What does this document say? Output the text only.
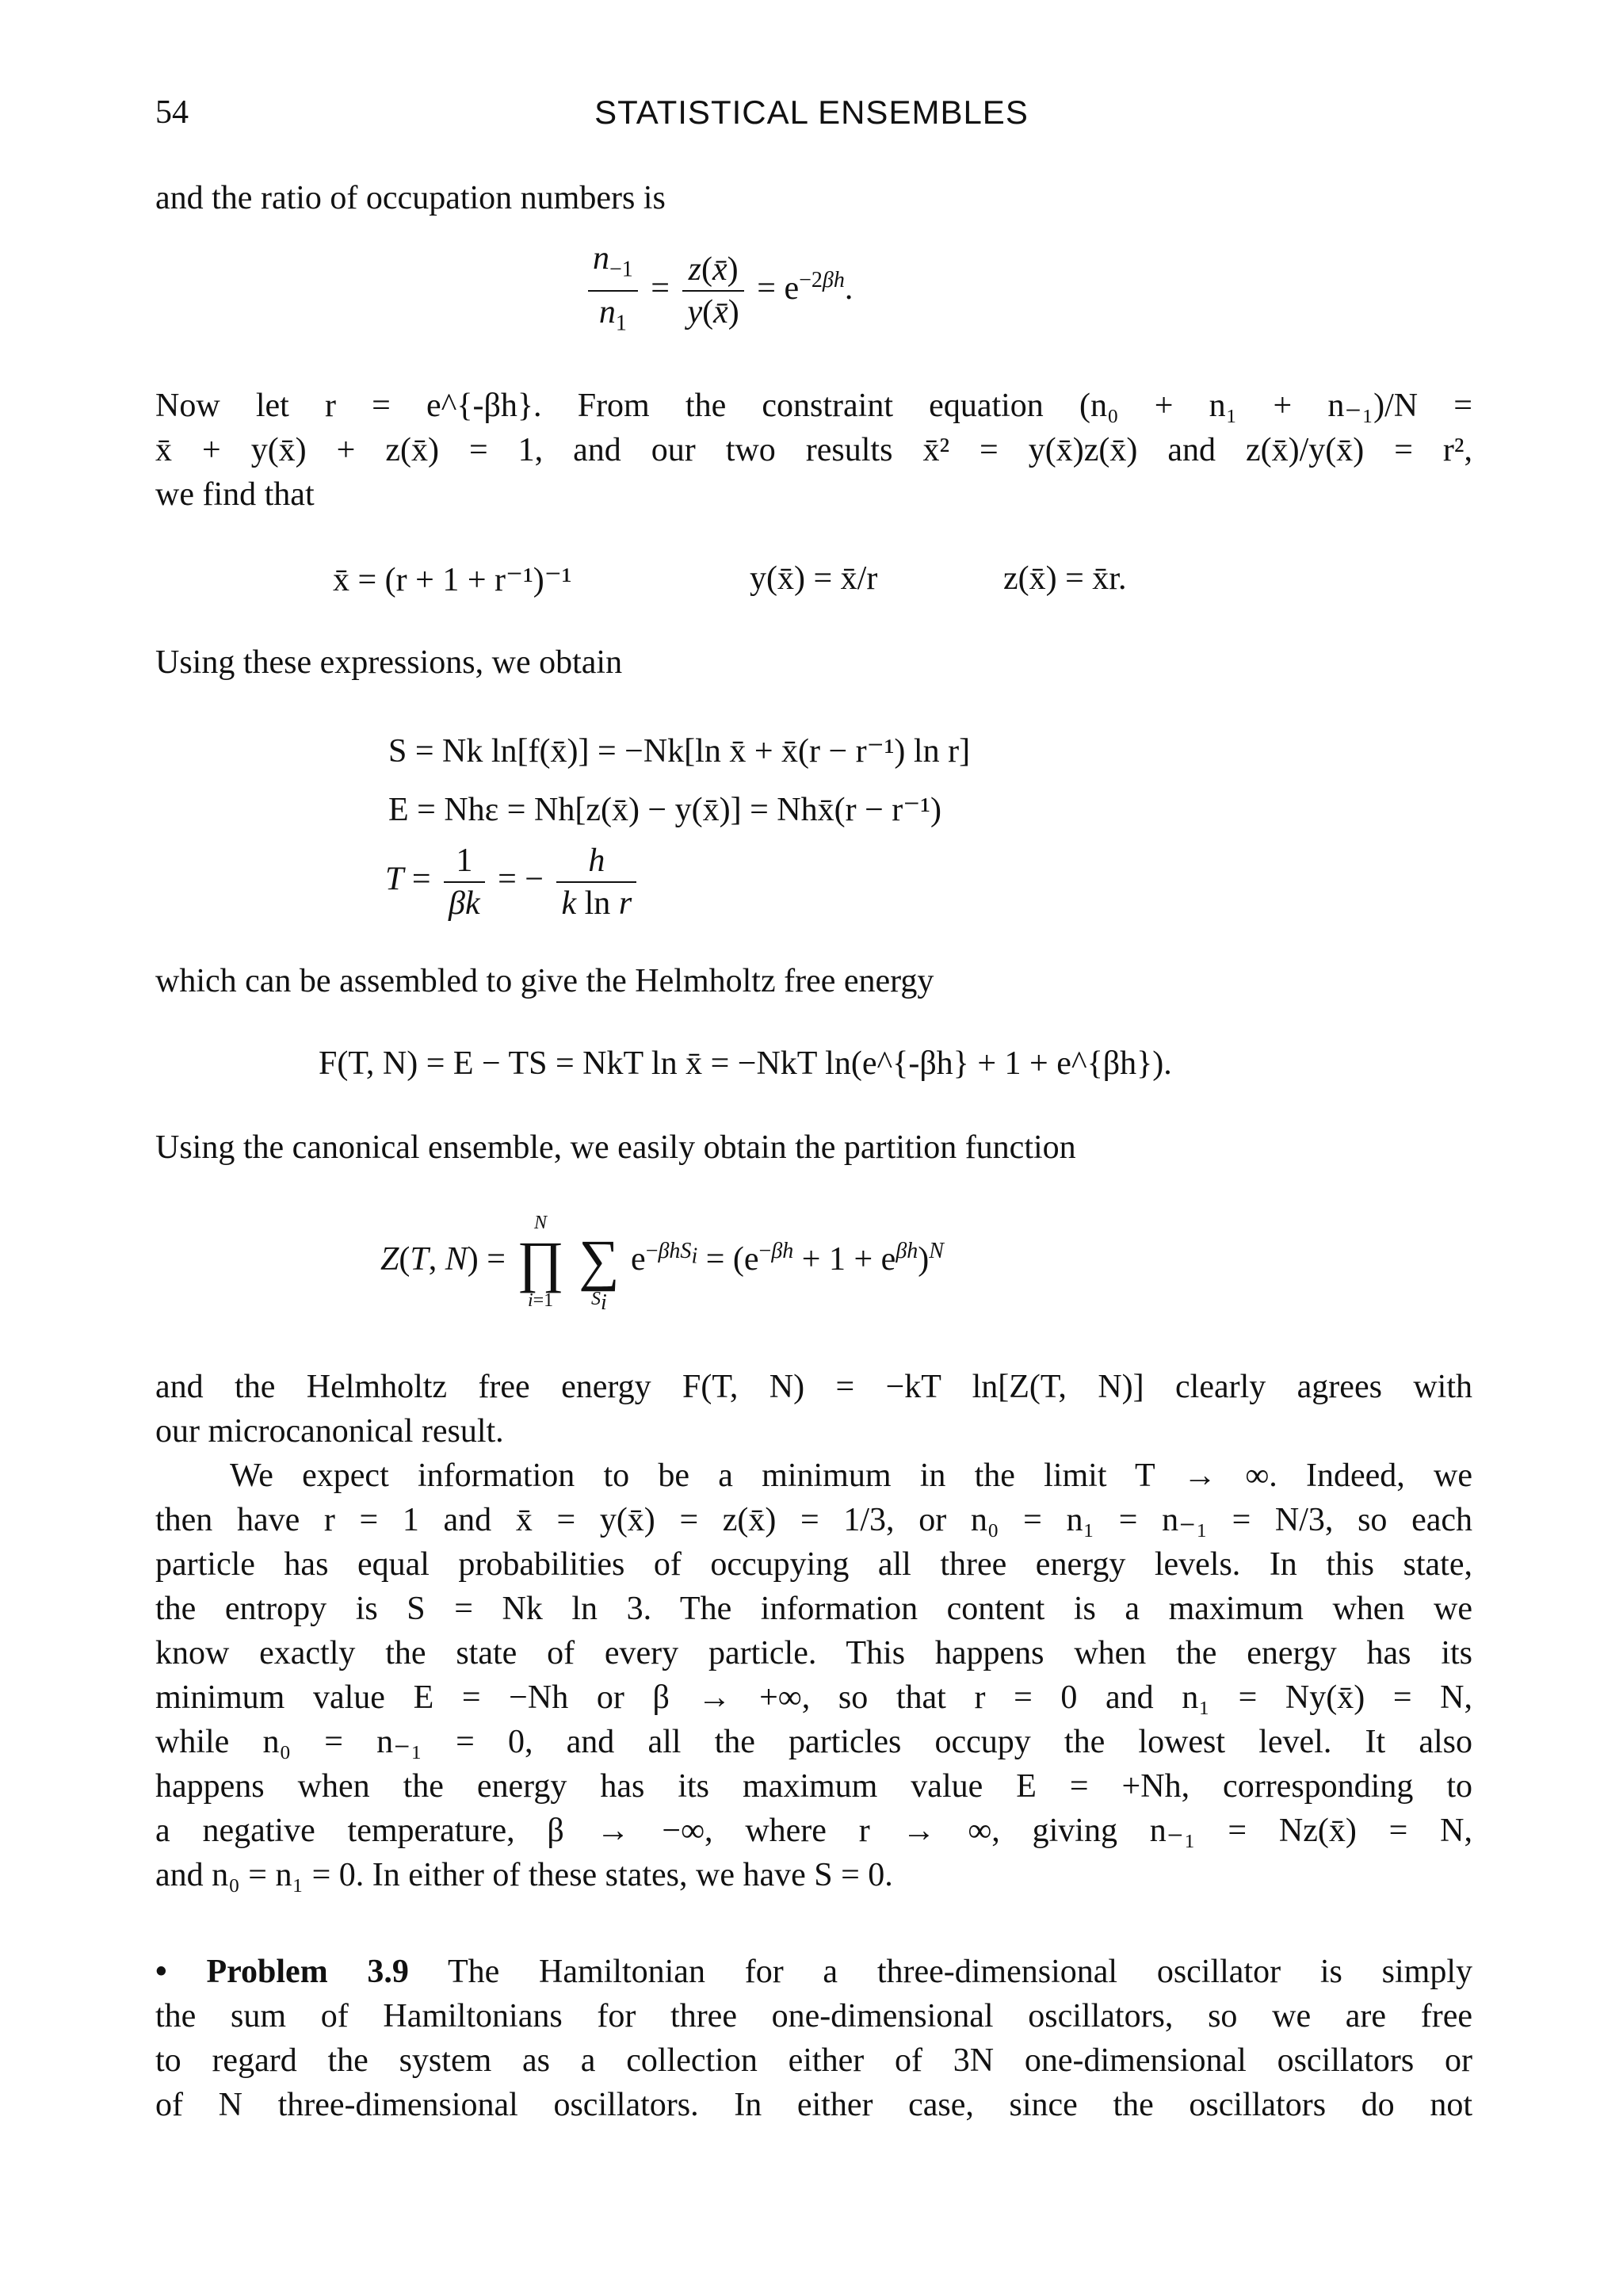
54	STATISTICAL ENSEMBLES
and the ratio of occupation numbers is
$\frac{n_{-1}}{n_1} = \frac{z(x̄)}{y(x̄)} = e^{-2\beta h}$.
Now let r = e^{-βh}. From the constraint equation (n₀ + n₁ + n₋₁)/N =
x̄ + y(x̄) + z(x̄) = 1, and our two results x̄² = y(x̄)z(x̄) and z(x̄)/y(x̄) = r²,
we find that
x̄ = (r + 1 + r⁻¹)⁻¹	y(x̄) = x̄/r	z(x̄) = x̄r.
Using these expressions, we obtain
S = Nk ln[f(x̄)] = −Nk[ln x̄ + x̄(r − r⁻¹) ln r]
E = Nhε = Nh[z(x̄) − y(x̄)] = Nhx̄(r − r⁻¹)
$T = \frac{1}{\beta k}$ = − $\frac{h}{\text{k ln r}}$
which can be assembled to give the Helmholtz free energy
F(T, N) = E − TS = NkT ln x̄ = −NkT ln(e^{-βh} + 1 + e^{βh}).
Using the canonical ensemble, we easily obtain the partition function
Z(T, N) =
N
∏
i=1

∑
$S_i$
$e^{-\beta hS_i} = (e^{-\beta h} + 1 + e^{\beta h})^N$
and the Helmholtz free energy F(T, N) = −kT ln[Z(T, N)] clearly agrees with
our microcanonical result.
We expect information to be a minimum in the limit T → ∞. Indeed, we
then have r = 1 and x̄ = y(x̄) = z(x̄) = 1/3, or n₀ = n₁ = n₋₁ = N/3, so each
particle has equal probabilities of occupying all three energy levels. In this state,
the entropy is S = Nk ln 3. The information content is a maximum when we
know exactly the state of every particle. This happens when the energy has its
minimum value E = −Nh or β → +∞, so that r = 0 and n₁ = Ny(x̄) = N,
while n₀ = n₋₁ = 0, and all the particles occupy the lowest level. It also
happens when the energy has its maximum value E = +Nh, corresponding to
a negative temperature, β → −∞, where r → ∞, giving n₋₁ = Nz(x̄) = N,
and n₀ = n₁ = 0. In either of these states, we have S = 0.
• Problem 3.9 The Hamiltonian for a three-dimensional oscillator is simply
the sum of Hamiltonians for three one-dimensional oscillators, so we are free
to regard the system as a collection either of 3N one-dimensional oscillators or
of N three-dimensional oscillators. In either case, since the oscillators do not
